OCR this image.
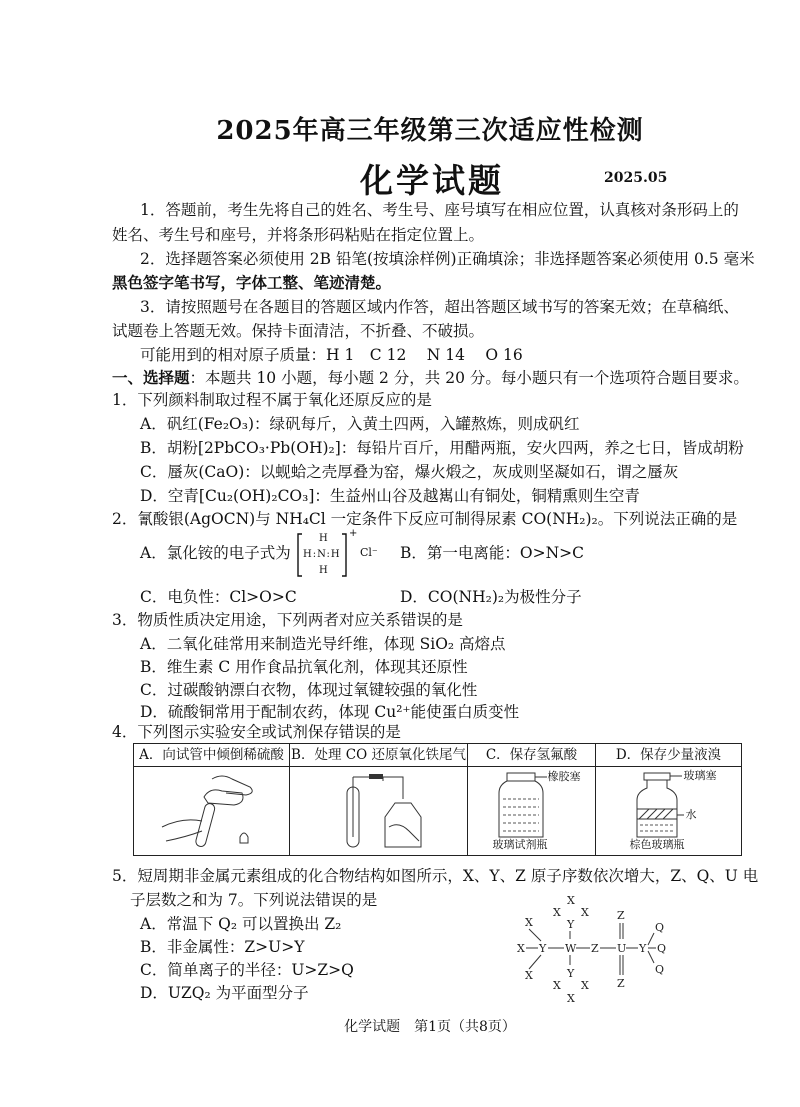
2025年高三年级第三次适应性检测
化学试题	2025.05
1．答题前，考生先将自己的姓名、考生号、座号填写在相应位置，认真核对条形码上的
姓名、考生号和座号，并将条形码粘贴在指定位置上。
2．选择题答案必须使用 2B 铅笔(按填涂样例)正确填涂；非选择题答案必须使用 0.5 毫米
黑色签字笔书写，字体工整、笔迹清楚。
3．请按照题号在各题目的答题区域内作答，超出答题区域书写的答案无效；在草稿纸、
试题卷上答题无效。保持卡面清洁，不折叠、不破损。
可能用到的相对原子质量：H 1　C 12　 N 14　 O 16
一、选择题：本题共 10 小题，每小题 2 分，共 20 分。每小题只有一个选项符合题目要求。
1．下列颜料制取过程不属于氧化还原反应的是
A．矾红(Fe₂O₃)：绿矾每斤，入黄土四两，入罐熬炼，则成矾红
B．胡粉[2PbCO₃·Pb(OH)₂]：每铅片百斤，用醋两瓶，安火四两，养之七日，皆成胡粉
C．蜃灰(CaO)：以蚬蛤之壳厚叠为窑，爆火煅之，灰成则坚凝如石，谓之蜃灰
D．空青[Cu₂(OH)₂CO₃]：生益州山谷及越嶲山有铜处，铜精熏则生空青
2．氰酸银(AgOCN)与 NH₄Cl 一定条件下反应可制得尿素 CO(NH₂)₂。下列说法正确的是
A．氯化铵的电子式为
H
H:N:H
H
+
Cl⁻ B．第一电离能：O>N>C
C．电负性：Cl>O>C	D．CO(NH₂)₂为极性分子
3．物质性质决定用途，下列两者对应关系错误的是
A．二氧化硅常用来制造光导纤维，体现 SiO₂ 高熔点
B．维生素 C 用作食品抗氧化剂，体现其还原性
C．过碳酸钠漂白衣物，体现过氧键较强的氧化性
D．硫酸铜常用于配制农药，体现 Cu²⁺能使蛋白质变性
4．下列图示实验安全或试剂保存错误的是
A．向试管中倾倒稀硫酸	B．处理 CO 还原氧化铁尾气	C．保存氢氟酸	D．保存少量液溴

橡胶塞
玻璃试剂瓶	玻璃塞
水
棕色玻璃瓶
5．短周期非金属元素组成的化合物结构如图所示，X、Y、Z 原子序数依次增大，Z、Q、U 电
子层数之和为 7。下列说法错误的是
A．常温下 Q₂ 可以置换出 Z₂
B．非金属性：Z>U>Y
C．简单离子的半径：U>Z>Q
D．UZQ₂ 为平面型分子
X
X X
Y
X
X Y W Z U Y
X
Z
Z
Q
Q
Q
Y
X X
X
化学试题　第1页（共8页）
